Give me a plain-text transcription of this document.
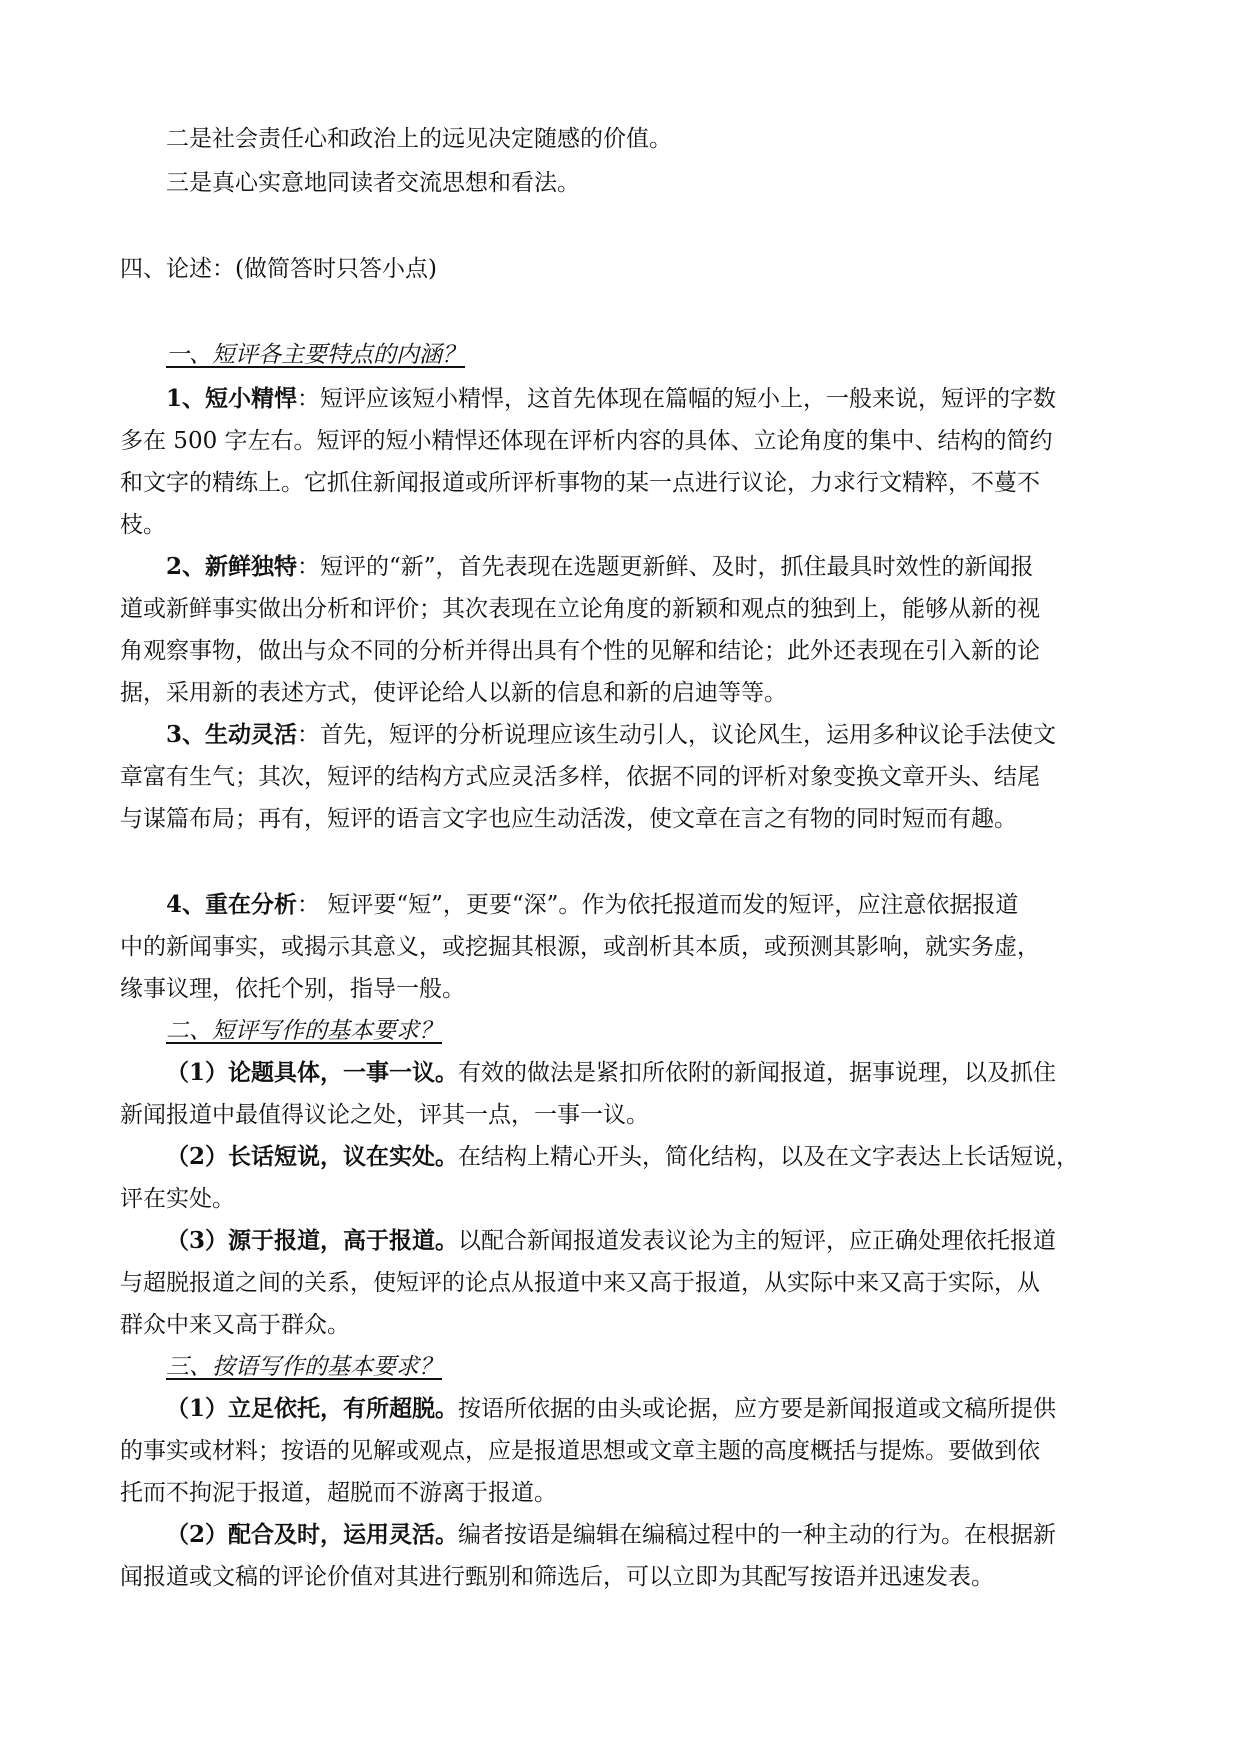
二是社会责任心和政治上的远见决定随感的价值。
三是真心实意地同读者交流思想和看法。
四、论述：(做简答时只答小点)
一、短评各主要特点的内涵？
1、短小精悍：短评应该短小精悍，这首先体现在篇幅的短小上，一般来说，短评的字数
多在 500 字左右。短评的短小精悍还体现在评析内容的具体、立论角度的集中、结构的简约
和文字的精练上。它抓住新闻报道或所评析事物的某一点进行议论，力求行文精粹，不蔓不
枝。
2、新鲜独特：短评的“新”，首先表现在选题更新鲜、及时，抓住最具时效性的新闻报
道或新鲜事实做出分析和评价；其次表现在立论角度的新颖和观点的独到上，能够从新的视
角观察事物，做出与众不同的分析并得出具有个性的见解和结论；此外还表现在引入新的论
据，采用新的表述方式，使评论给人以新的信息和新的启迪等等。
3、生动灵活：首先，短评的分析说理应该生动引人，议论风生，运用多种议论手法使文
章富有生气；其次，短评的结构方式应灵活多样，依据不同的评析对象变换文章开头、结尾
与谋篇布局；再有，短评的语言文字也应生动活泼，使文章在言之有物的同时短而有趣。
4、重在分析： 短评要“短”，更要“深”。作为依托报道而发的短评，应注意依据报道
中的新闻事实，或揭示其意义，或挖掘其根源，或剖析其本质，或预测其影响，就实务虚，
缘事议理，依托个别，指导一般。
二、短评写作的基本要求？
（1）论题具体，一事一议。有效的做法是紧扣所依附的新闻报道，据事说理，以及抓住
新闻报道中最值得议论之处，评其一点，一事一议。
（2）长话短说，议在实处。在结构上精心开头，简化结构，以及在文字表达上长话短说，
评在实处。
（3）源于报道，高于报道。以配合新闻报道发表议论为主的短评，应正确处理依托报道
与超脱报道之间的关系，使短评的论点从报道中来又高于报道，从实际中来又高于实际，从
群众中来又高于群众。
三、按语写作的基本要求？
（1）立足依托，有所超脱。按语所依据的由头或论据，应方要是新闻报道或文稿所提供
的事实或材料；按语的见解或观点，应是报道思想或文章主题的高度概括与提炼。要做到依
托而不拘泥于报道，超脱而不游离于报道。
（2）配合及时，运用灵活。编者按语是编辑在编稿过程中的一种主动的行为。在根据新
闻报道或文稿的评论价值对其进行甄别和筛选后，可以立即为其配写按语并迅速发表。
